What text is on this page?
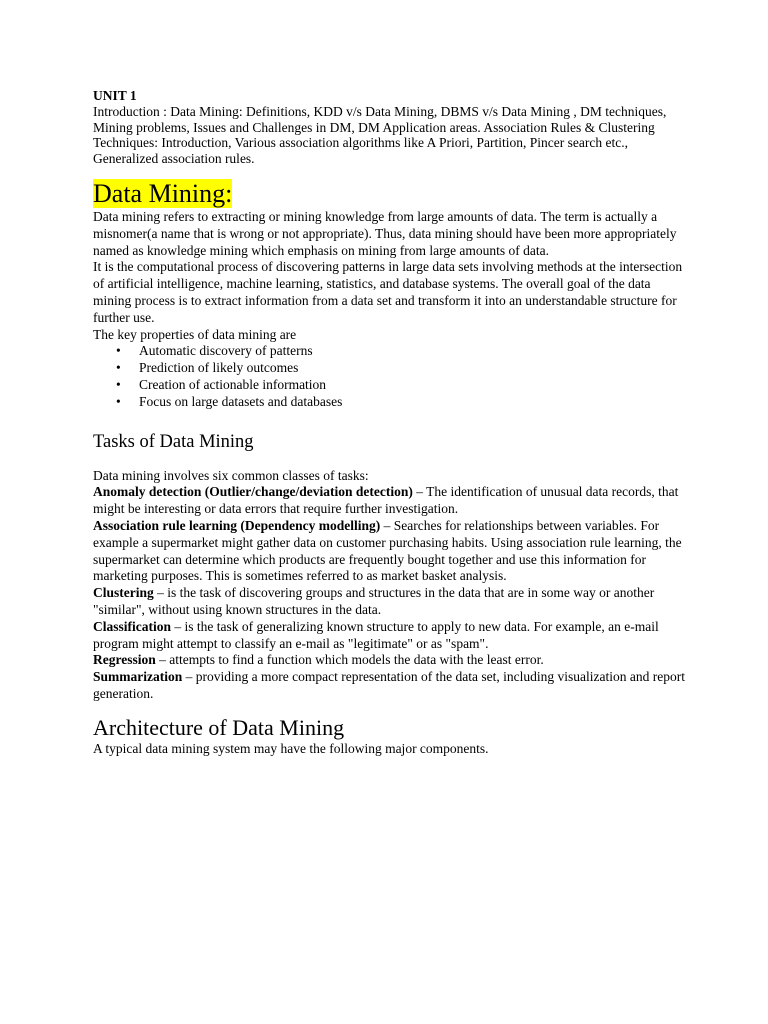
UNIT 1

Introduction : Data Mining: Definitions, KDD v/s Data Mining, DBMS v/s Data Mining , DM techniques, Mining problems, Issues and Challenges in DM, DM Application areas. Association Rules & Clustering Techniques: Introduction, Various association algorithms like A Priori, Partition, Pincer search etc., Generalized association rules.

Data Mining:

Data mining refers to extracting or mining knowledge from large amounts of data. The term is actually a misnomer(a name that is wrong or not appropriate). Thus, data mining should have been more appropriately named as knowledge mining which emphasis on mining from large amounts of data.

It is the computational process of discovering patterns in large data sets involving methods at the intersection of artificial intelligence, machine learning, statistics, and database systems. The overall goal of the data mining process is to extract information from a data set and transform it into an understandable structure for further use.

The key properties of data mining are

• Automatic discovery of patterns
• Prediction of likely outcomes
• Creation of actionable information
• Focus on large datasets and databases
Tasks of Data Mining

Data mining involves six common classes of tasks:

Anomaly detection (Outlier/change/deviation detection) – The identification of unusual data records, that might be interesting or data errors that require further investigation.

Association rule learning (Dependency modelling) – Searches for relationships between variables. For example a supermarket might gather data on customer purchasing habits. Using association rule learning, the supermarket can determine which products are frequently bought together and use this information for marketing purposes. This is sometimes referred to as market basket analysis.

Clustering – is the task of discovering groups and structures in the data that are in some way or another "similar", without using known structures in the data.

Classification – is the task of generalizing known structure to apply to new data. For example, an e-mail program might attempt to classify an e-mail as "legitimate" or as "spam".

Regression – attempts to find a function which models the data with the least error.

Summarization – providing a more compact representation of the data set, including visualization and report generation.

Architecture of Data Mining

A typical data mining system may have the following major components.
